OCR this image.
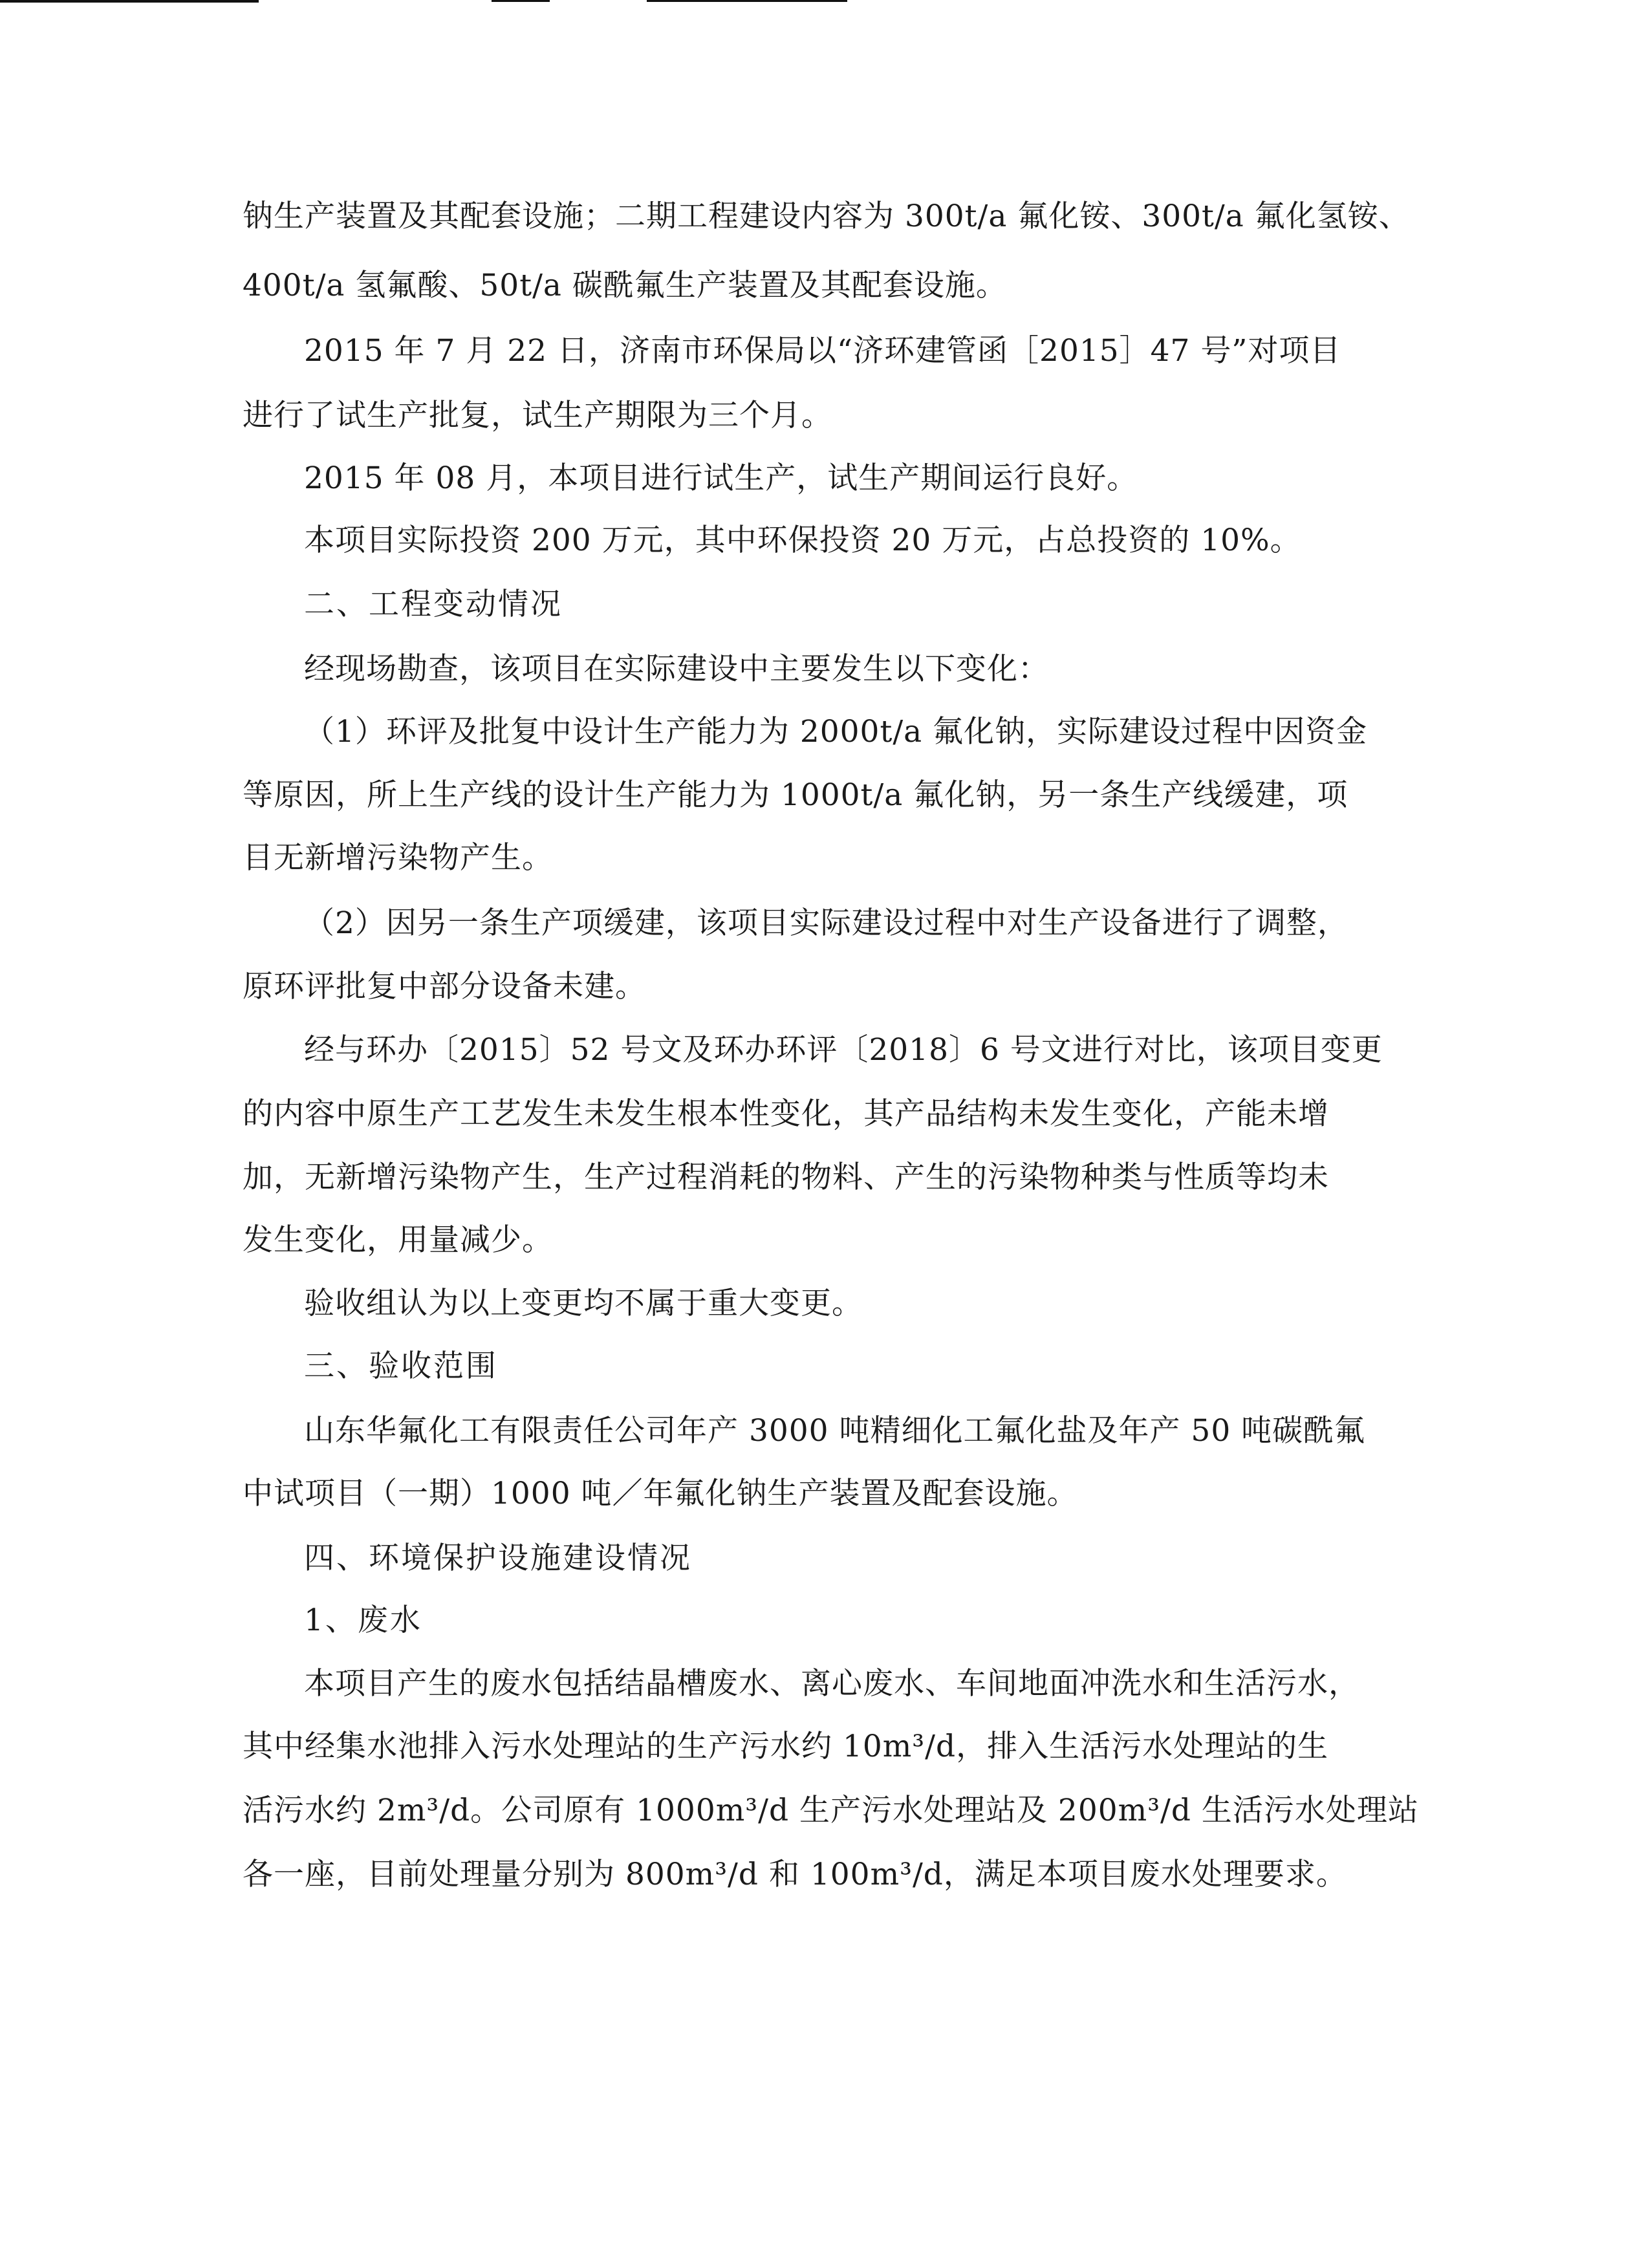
钠生产装置及其配套设施；二期工程建设内容为 300t/a 氟化铵、300t/a 氟化氢铵、
400t/a 氢氟酸、50t/a 碳酰氟生产装置及其配套设施。
2015 年 7 月 22 日，济南市环保局以“济环建管函［2015］47 号”对项目
进行了试生产批复，试生产期限为三个月。
2015 年 08 月，本项目进行试生产，试生产期间运行良好。
本项目实际投资 200 万元，其中环保投资 20 万元，占总投资的 10%。
二、工程变动情况
经现场勘查，该项目在实际建设中主要发生以下变化：
（1）环评及批复中设计生产能力为 2000t/a 氟化钠，实际建设过程中因资金
等原因，所上生产线的设计生产能力为 1000t/a 氟化钠，另一条生产线缓建，项
目无新增污染物产生。
（2）因另一条生产项缓建，该项目实际建设过程中对生产设备进行了调整，
原环评批复中部分设备未建。
经与环办〔2015〕52 号文及环办环评〔2018〕6 号文进行对比，该项目变更
的内容中原生产工艺发生未发生根本性变化，其产品结构未发生变化，产能未增
加，无新增污染物产生，生产过程消耗的物料、产生的污染物种类与性质等均未
发生变化，用量减少。
验收组认为以上变更均不属于重大变更。
三、验收范围
山东华氟化工有限责任公司年产 3000 吨精细化工氟化盐及年产 50 吨碳酰氟
中试项目（一期）1000 吨／年氟化钠生产装置及配套设施。
四、环境保护设施建设情况
1、废水
本项目产生的废水包括结晶槽废水、离心废水、车间地面冲洗水和生活污水，
其中经集水池排入污水处理站的生产污水约 10m³/d，排入生活污水处理站的生
活污水约 2m³/d。公司原有 1000m³/d 生产污水处理站及 200m³/d 生活污水处理站
各一座，目前处理量分别为 800m³/d 和 100m³/d，满足本项目废水处理要求。
